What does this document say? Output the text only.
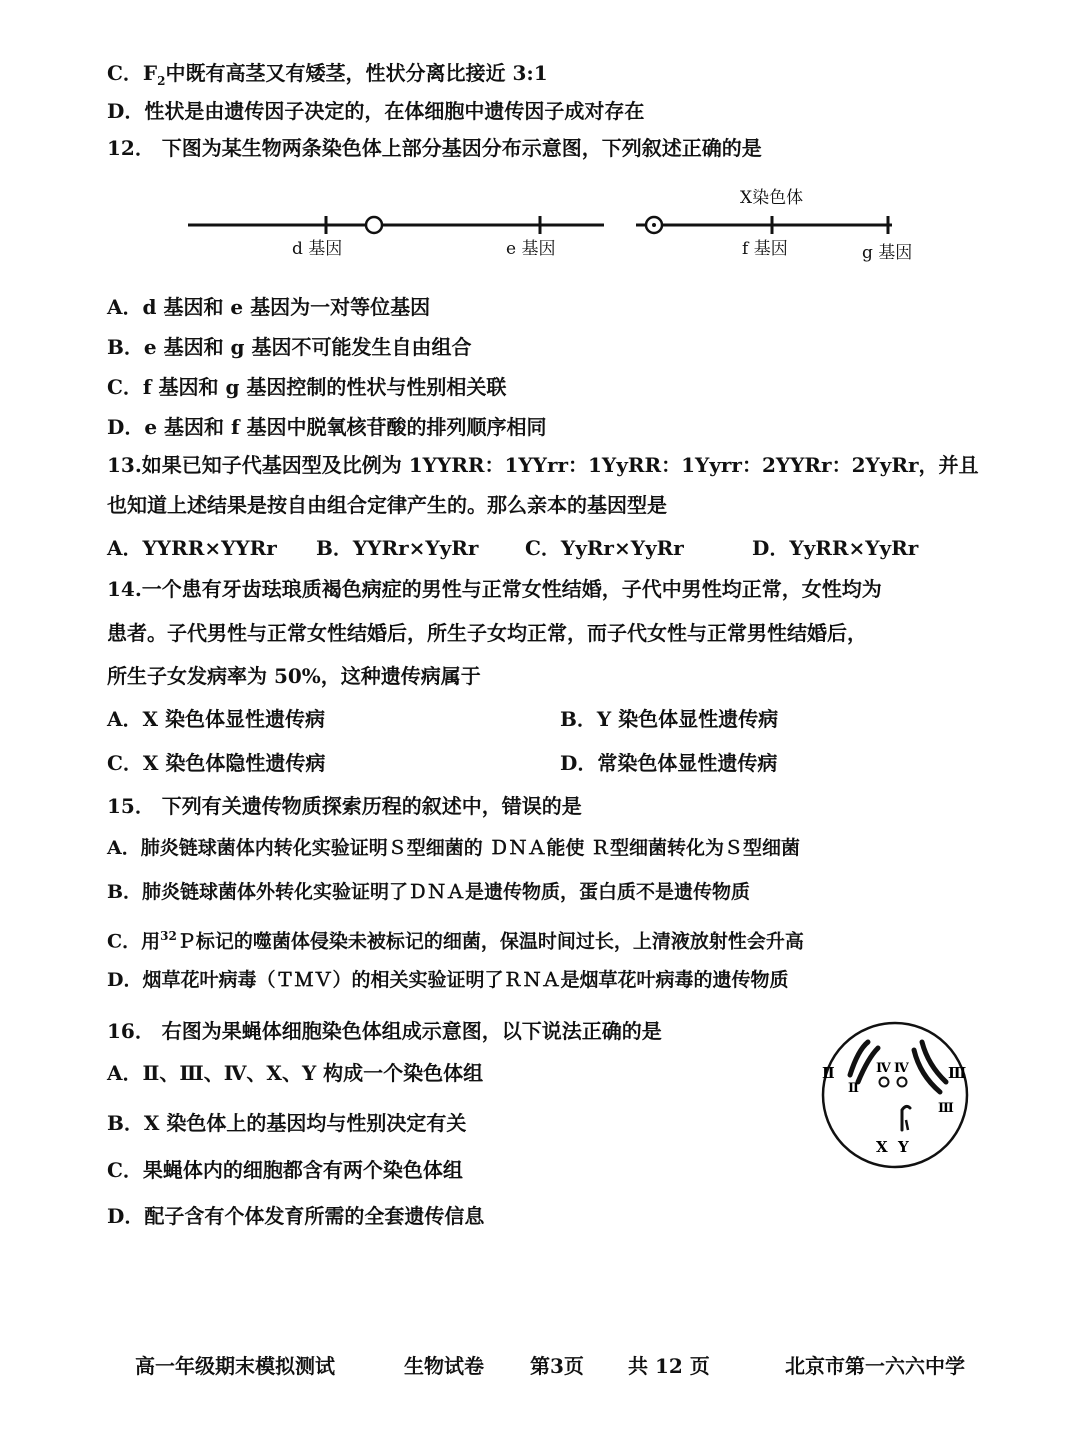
C．$F_2$中既有高茎又有矮茎，性状分离比接近 3:1
D．性状是由遗传因子决定的，在体细胞中遗传因子成对存在
12． 下图为某生物两条染色体上部分基因分布示意图，下列叙述正确的是
X染色体
d 基因	e 基因	f 基因	g 基因
A．d 基因和 e 基因为一对等位基因
B．e 基因和 g 基因不可能发生自由组合
C．f 基因和 g 基因控制的性状与性别相关联
D．e 基因和 f 基因中脱氧核苷酸的排列顺序相同
13.如果已知子代基因型及比例为 1YYRR：1YYrr：1YyRR：1Yyrr：2YYRr：2YyRr，并且
也知道上述结果是按自由组合定律产生的。那么亲本的基因型是
A．YYRR×YYRr B．YYRr×YyRr C．YyRr×YyRr	D．YyRR×YyRr
14.一个患有牙齿珐琅质褐色病症的男性与正常女性结婚，子代中男性均正常，女性均为
患者。子代男性与正常女性结婚后，所生子女均正常，而子代女性与正常男性结婚后，
所生子女发病率为 50%，这种遗传病属于
A．X 染色体显性遗传病	B．Y 染色体显性遗传病
C．X 染色体隐性遗传病	D．常染色体显性遗传病
15． 下列有关遗传物质探索历程的叙述中，错误的是
A．肺炎链球菌体内转化实验证明Ｓ型细菌的 ＤＮＡ能使 Ｒ型细菌转化为Ｓ型细菌
B．肺炎链球菌体外转化实验证明了ＤＮＡ是遗传物质，蛋白质不是遗传物质
C．用$^{32}$Ｐ标记的噬菌体侵染未被标记的细菌，保温时间过长，上清液放射性会升高
D．烟草花叶病毒（ＴＭＶ）的相关实验证明了ＲＮＡ是烟草花叶病毒的遗传物质
16． 右图为果蝇体细胞染色体组成示意图，以下说法正确的是
A．Ⅱ、Ⅲ、Ⅳ、X、Y 构成一个染色体组
B．X 染色体上的基因均与性别决定有关
C．果蝇体内的细胞都含有两个染色体组
D．配子含有个体发育所需的全套遗传信息
Ⅱ
Ⅱ
Ⅳ Ⅳ	Ⅲ
Ⅲ
X Y
高一年级期末模拟测试	生物试卷 第3页 共 12 页	北京市第一六六中学
